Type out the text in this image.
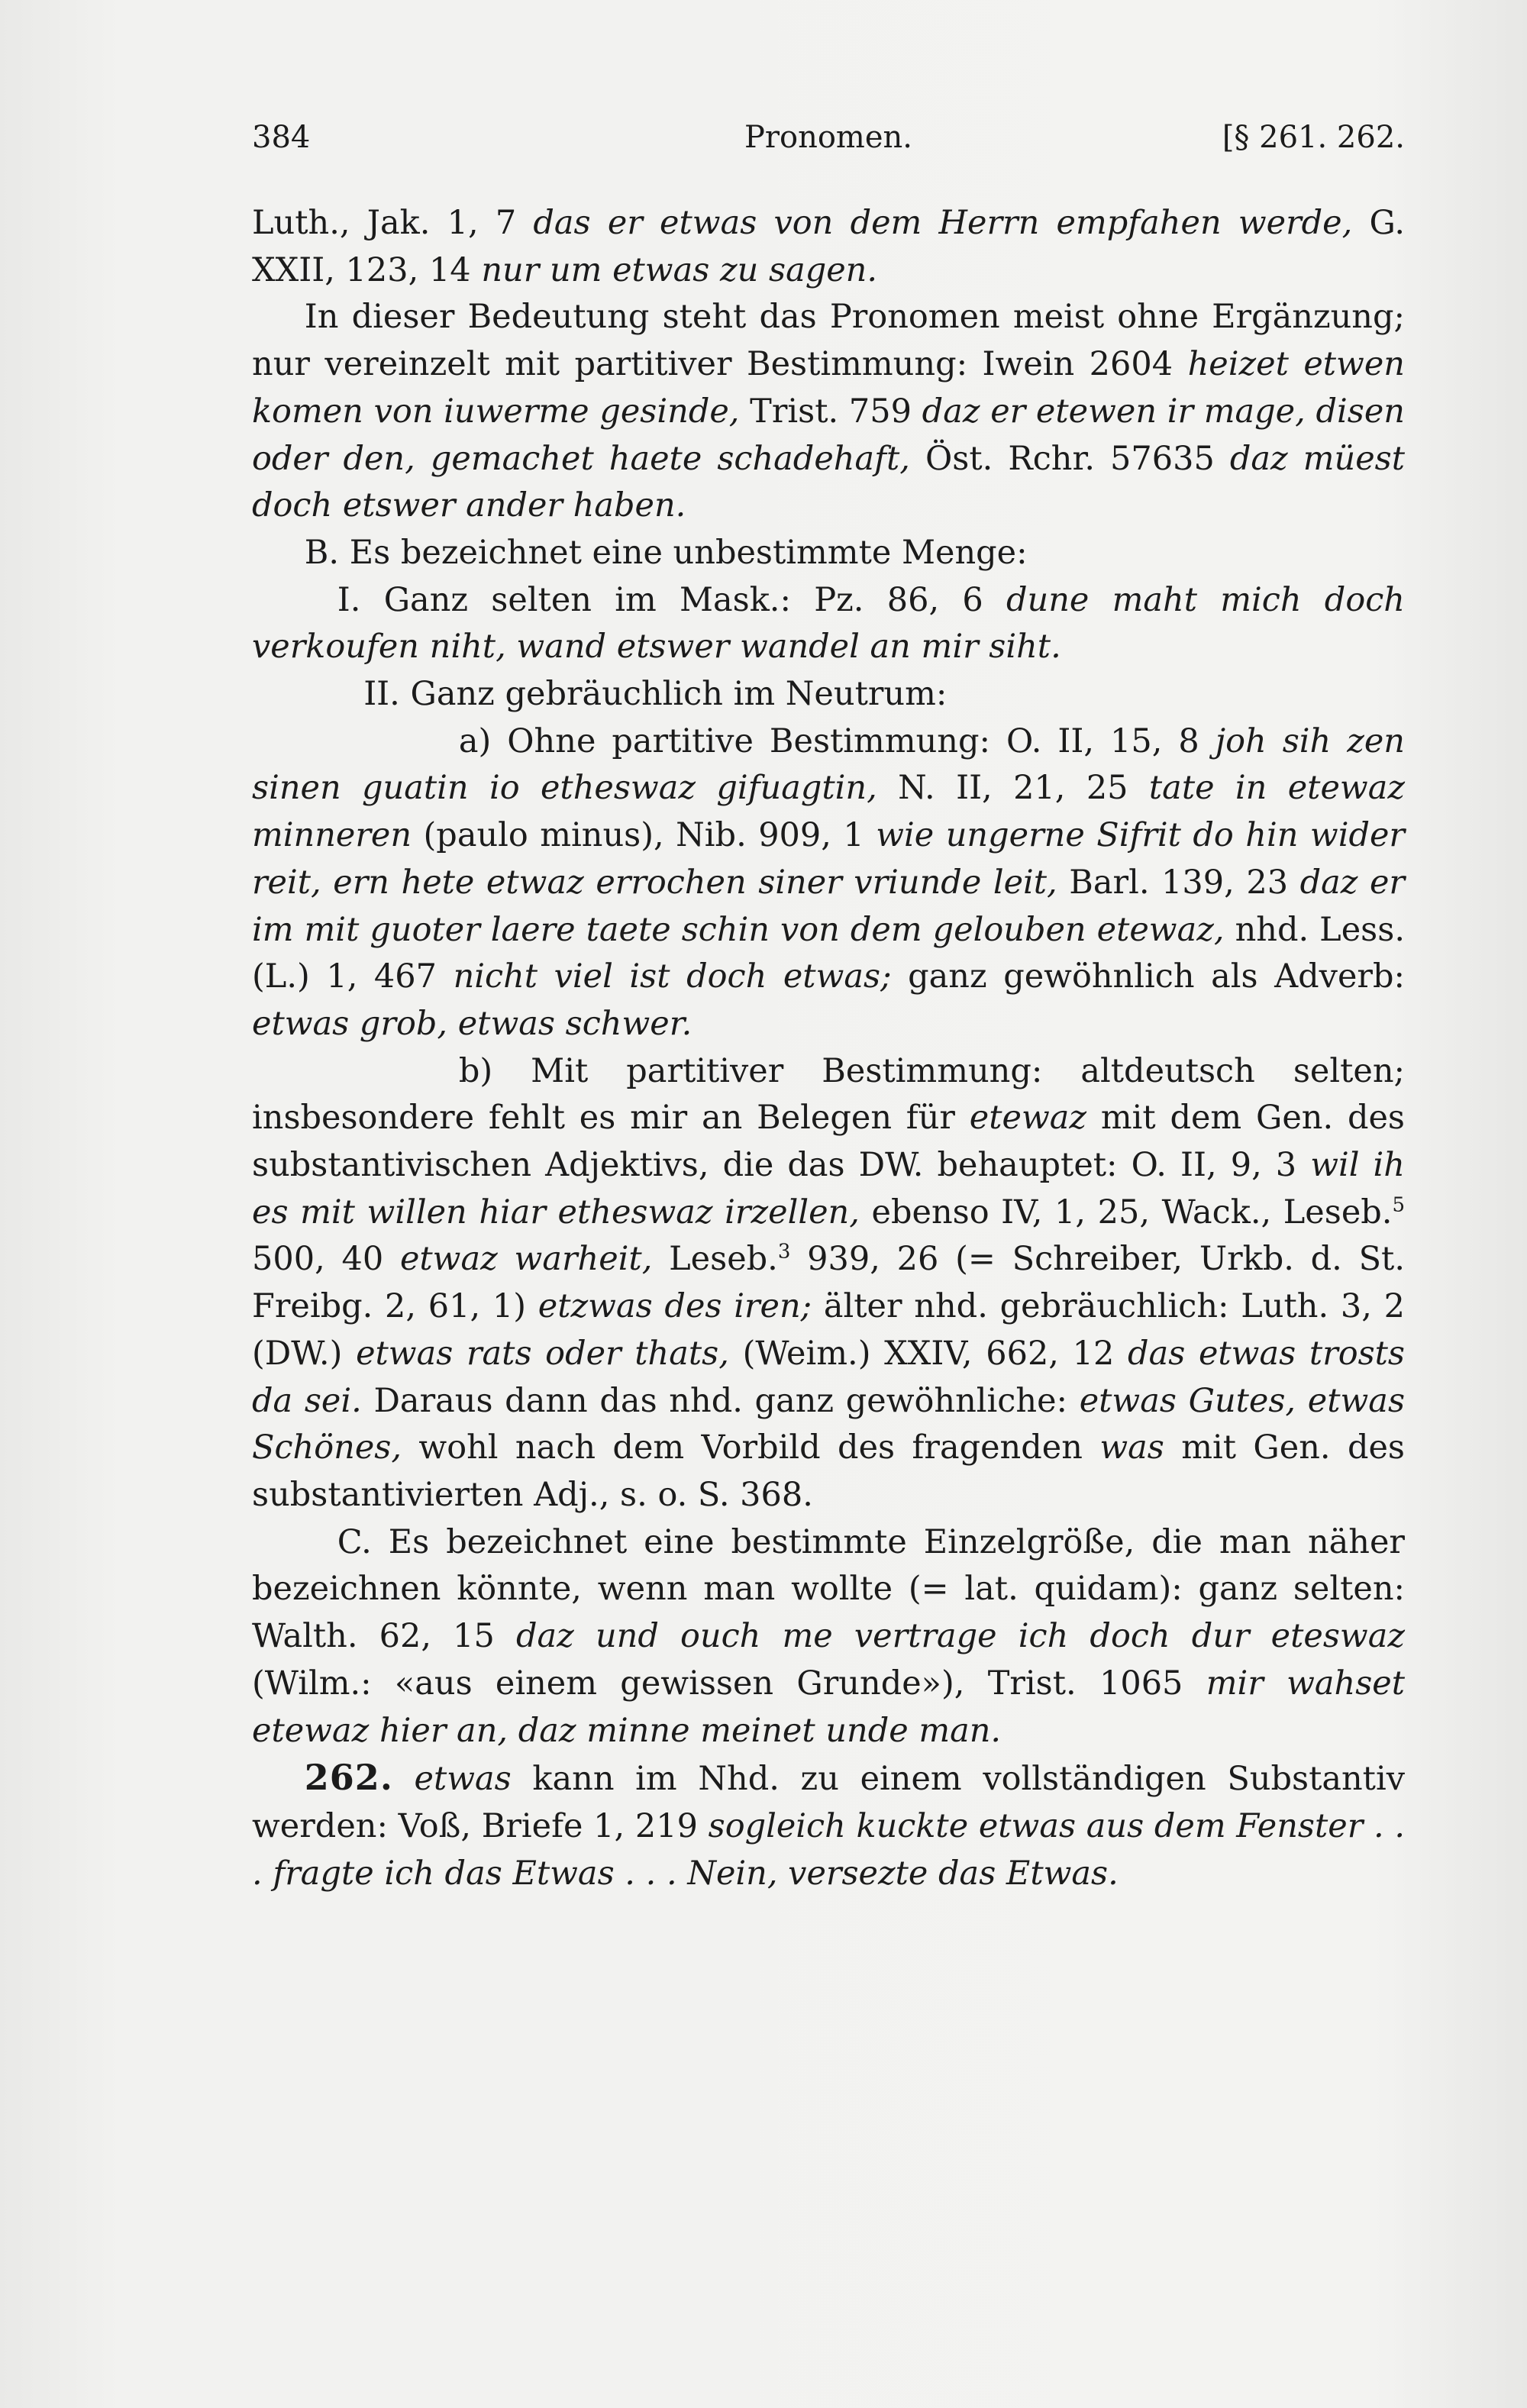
384	Pronomen.	[§ 261. 262.

Luth., Jak. 1, 7 das er etwas von dem Herrn empfahen werde, G. XXII, 123, 14 nur um etwas zu sagen.

In dieser Bedeutung steht das Pronomen meist ohne Ergänzung; nur vereinzelt mit partitiver Bestimmung: Iwein 2604 heizet etwen komen von iuwerme gesinde, Trist. 759 daz er etewen ir mage, disen oder den, gemachet haete schadehaft, Öst. Rchr. 57635 daz müest doch etswer ander haben.

B. Es bezeichnet eine unbestimmte Menge:

I. Ganz selten im Mask.: Pz. 86, 6 dune maht mich doch verkoufen niht, wand etswer wandel an mir siht.

II. Ganz gebräuchlich im Neutrum:

a) Ohne partitive Bestimmung: O. II, 15, 8 joh sih zen sinen guatin io etheswaz gifuagtin, N. II, 21, 25 tate in etewaz minneren (paulo minus), Nib. 909, 1 wie ungerne Sifrit do hin wider reit, ern hete etwaz errochen siner vriunde leit, Barl. 139, 23 daz er im mit guoter laere taete schin von dem gelouben etewaz, nhd. Less. (L.) 1, 467 nicht viel ist doch etwas; ganz gewöhnlich als Adverb: etwas grob, etwas schwer.

b) Mit partitiver Bestimmung: altdeutsch selten; insbesondere fehlt es mir an Belegen für etewaz mit dem Gen. des substantivischen Adjektivs, die das DW. behauptet: O. II, 9, 3 wil ih es mit willen hiar etheswaz irzellen, ebenso IV, 1, 25, Wack., Leseb.$^5$ 500, 40 etwaz warheit, Leseb.$^3$ 939, 26 (= Schreiber, Urkb. d. St. Freibg. 2, 61, 1) etzwas des iren; älter nhd. gebräuchlich: Luth. 3, 2 (DW.) etwas rats oder thats, (Weim.) XXIV, 662, 12 das etwas trosts da sei. Daraus dann das nhd. ganz gewöhnliche: etwas Gutes, etwas Schönes, wohl nach dem Vorbild des fragenden was mit Gen. des substantivierten Adj., s. o. S. 368.

C. Es bezeichnet eine bestimmte Einzelgröße, die man näher bezeichnen könnte, wenn man wollte (= lat. quidam): ganz selten: Walth. 62, 15 daz und ouch me vertrage ich doch dur eteswaz (Wilm.: «aus einem gewissen Grunde»), Trist. 1065 mir wahset etewaz hier an, daz minne meinet unde man.

262. etwas kann im Nhd. zu einem vollständigen Substantiv werden: Voß, Briefe 1, 219 sogleich kuckte etwas aus dem Fenster . . . fragte ich das Etwas . . . Nein, versezte das Etwas.
